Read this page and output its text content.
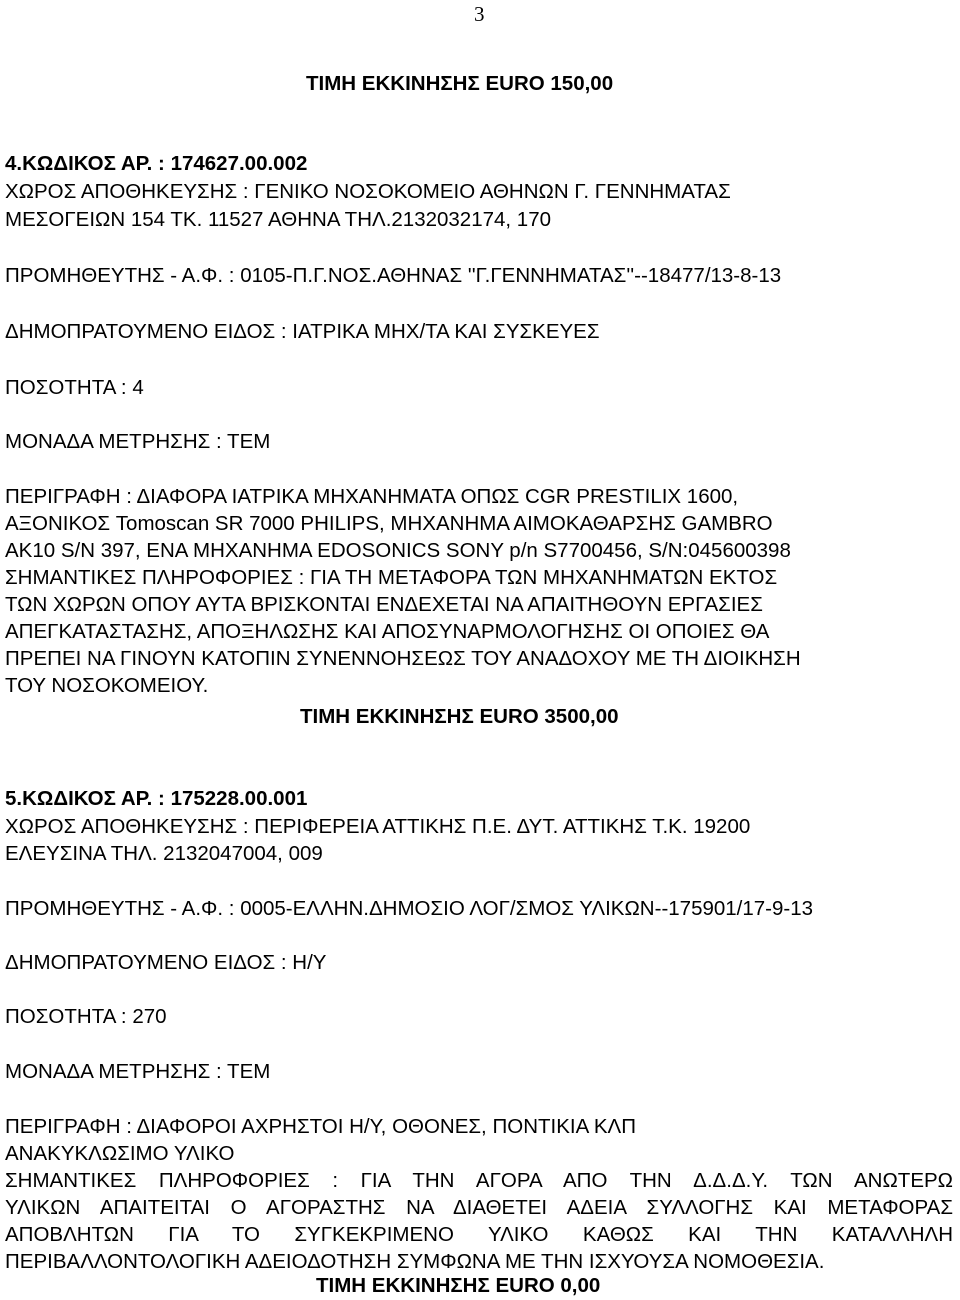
3

ΤΙΜΗ ΕΚΚΙΝΗΣΗΣ EURO 150,00

4.ΚΩΔΙΚΟΣ ΑΡ. : 174627.00.002

ΧΩΡΟΣ ΑΠΟΘΗΚΕΥΣΗΣ : ΓΕΝΙΚΟ ΝΟΣΟΚΟΜΕΙΟ ΑΘΗΝΩΝ Γ. ΓΕΝΝΗΜΑΤΑΣ

ΜΕΣΟΓΕΙΩΝ 154 ΤΚ. 11527 ΑΘΗΝΑ ΤΗΛ.2132032174, 170

ΠΡΟΜΗΘΕΥΤΗΣ - Α.Φ. : 0105-Π.Γ.ΝΟΣ.ΑΘΗΝΑΣ ''Γ.ΓΕΝΝΗΜΑΤΑΣ''--18477/13-8-13

ΔΗΜΟΠΡΑΤΟΥΜΕΝΟ ΕΙΔΟΣ : ΙΑΤΡΙΚΑ ΜΗΧ/ΤΑ ΚΑΙ ΣΥΣΚΕΥΕΣ

ΠΟΣΟΤΗΤΑ : 4

ΜΟΝΑΔΑ ΜΕΤΡΗΣΗΣ : ΤΕΜ

ΠΕΡΙΓΡΑΦΗ : ΔΙΑΦΟΡΑ ΙΑΤΡΙΚΑ ΜΗΧΑΝΗΜΑΤΑ ΟΠΩΣ CGR PRESTILIX 1600,

ΑΞΟΝΙΚΟΣ Tomoscan SR 7000 PHILIPS, ΜΗΧΑΝΗΜΑ ΑΙΜΟΚΑΘΑΡΣΗΣ GAMBRO

AK10 S/N 397, ΕΝΑ ΜΗΧΑΝΗΜΑ EDOSONICS SONY p/n S7700456, S/N:045600398

ΣΗΜΑΝΤΙΚΕΣ ΠΛΗΡΟΦΟΡΙΕΣ : ΓΙΑ ΤΗ ΜΕΤΑΦΟΡΑ ΤΩΝ ΜΗΧΑΝΗΜΑΤΩΝ ΕΚΤΟΣ

ΤΩΝ ΧΩΡΩΝ ΟΠΟΥ ΑΥΤΑ ΒΡΙΣΚΟΝΤΑΙ ΕΝΔΕΧΕΤΑΙ ΝΑ ΑΠΑΙΤΗΘΟΥΝ ΕΡΓΑΣΙΕΣ

ΑΠΕΓΚΑΤΑΣΤΑΣΗΣ, ΑΠΟΞΗΛΩΣΗΣ ΚΑΙ ΑΠΟΣΥΝΑΡΜΟΛΟΓΗΣΗΣ ΟΙ ΟΠΟΙΕΣ ΘΑ

ΠΡΕΠΕΙ ΝΑ ΓΙΝΟΥΝ ΚΑΤΟΠΙΝ ΣΥΝΕΝΝΟΗΣΕΩΣ ΤΟΥ ΑΝΑΔΟΧΟΥ ΜΕ ΤΗ ΔΙΟΙΚΗΣΗ

ΤΟΥ ΝΟΣΟΚΟΜΕΙΟΥ.

ΤΙΜΗ ΕΚΚΙΝΗΣΗΣ EURO 3500,00

5.ΚΩΔΙΚΟΣ ΑΡ. : 175228.00.001

ΧΩΡΟΣ ΑΠΟΘΗΚΕΥΣΗΣ : ΠΕΡΙΦΕΡΕΙΑ ΑΤΤΙΚΗΣ Π.Ε. ΔΥΤ. ΑΤΤΙΚΗΣ Τ.Κ. 19200

ΕΛΕΥΣΙΝΑ ΤΗΛ. 2132047004, 009

ΠΡΟΜΗΘΕΥΤΗΣ - Α.Φ. : 0005-ΕΛΛΗΝ.ΔΗΜΟΣΙΟ ΛΟΓ/ΣΜΟΣ ΥΛΙΚΩΝ--175901/17-9-13

ΔΗΜΟΠΡΑΤΟΥΜΕΝΟ ΕΙΔΟΣ : Η/Υ

ΠΟΣΟΤΗΤΑ : 270

ΜΟΝΑΔΑ ΜΕΤΡΗΣΗΣ : ΤΕΜ

ΠΕΡΙΓΡΑΦΗ : ΔΙΑΦΟΡΟΙ ΑΧΡΗΣΤΟΙ Η/Υ, ΟΘΟΝΕΣ, ΠΟΝΤΙΚΙΑ ΚΛΠ

ΑΝΑΚΥΚΛΩΣΙΜΟ ΥΛΙΚΟ

ΣΗΜΑΝΤΙΚΕΣ ΠΛΗΡΟΦΟΡΙΕΣ : ΓΙΑ ΤΗΝ ΑΓΟΡΑ ΑΠΟ ΤΗΝ Δ.Δ.Δ.Υ. ΤΩΝ ΑΝΩΤΕΡΩ

ΥΛΙΚΩΝ ΑΠΑΙΤΕΙΤΑΙ Ο ΑΓΟΡΑΣΤΗΣ ΝΑ ΔΙΑΘΕΤΕΙ ΑΔΕΙΑ ΣΥΛΛΟΓΗΣ ΚΑΙ ΜΕΤΑΦΟΡΑΣ

ΑΠΟΒΛΗΤΩΝ ΓΙΑ ΤΟ ΣΥΓΚΕΚΡΙΜΕΝΟ ΥΛΙΚΟ ΚΑΘΩΣ ΚΑΙ ΤΗΝ ΚΑΤΑΛΛΗΛΗ

ΠΕΡΙΒΑΛΛΟΝΤΟΛΟΓΙΚΗ ΑΔΕΙΟΔΟΤΗΣΗ ΣΥΜΦΩΝΑ ΜΕ ΤΗΝ ΙΣΧΥΟΥΣΑ ΝΟΜΟΘΕΣΙΑ.

ΤΙΜΗ ΕΚΚΙΝΗΣΗΣ EURO 0,00
